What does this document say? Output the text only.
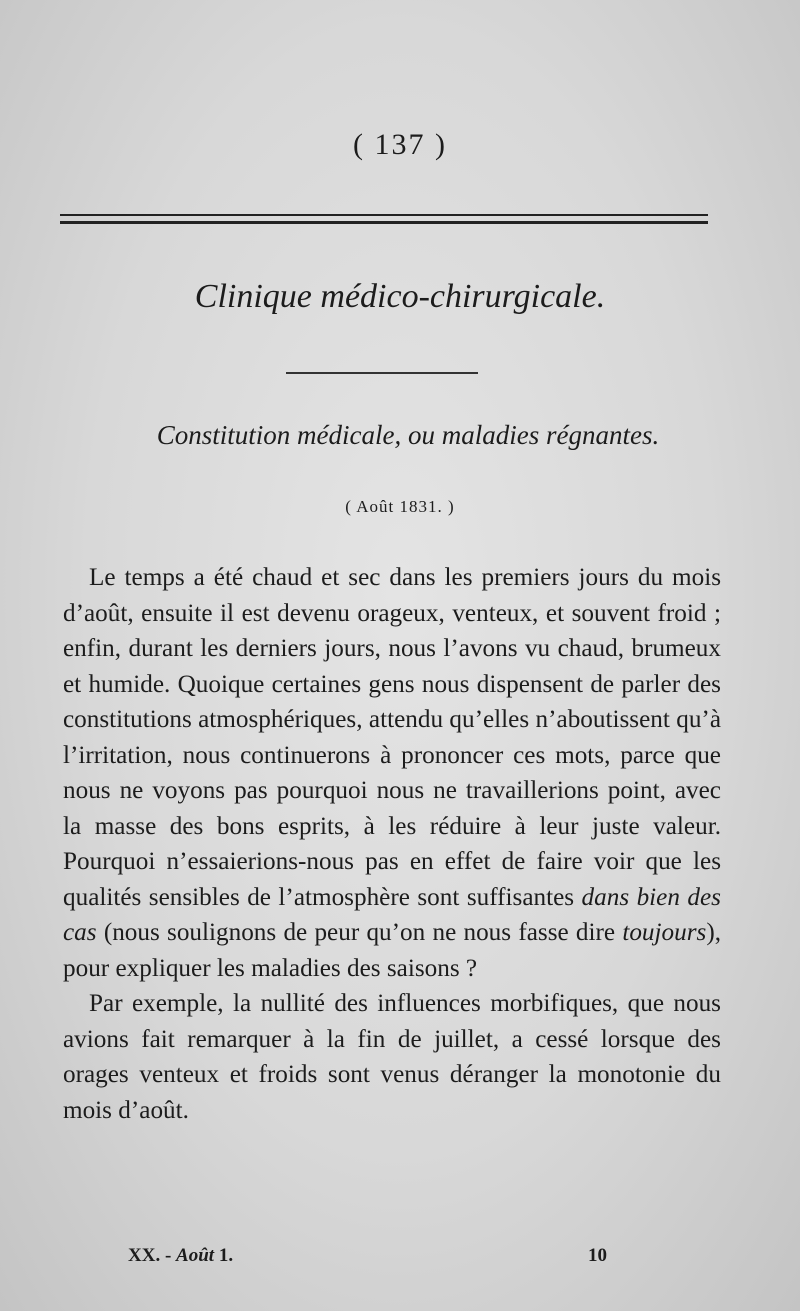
( 137 )
Clinique médico-chirurgicale.
Constitution médicale, ou maladies régnantes.
( Août 1831. )

Le temps a été chaud et sec dans les premiers jours du mois d’août, ensuite il est devenu orageux, venteux, et souvent froid ; enfin, durant les derniers jours, nous l’avons vu chaud, brumeux et humide. Quoique certaines gens nous dispensent de parler des constitutions atmosphériques, attendu qu’elles n’aboutissent qu’à l’irritation, nous continuerons à prononcer ces mots, parce que nous ne voyons pas pourquoi nous ne travaillerions point, avec la masse des bons esprits, à les réduire à leur juste valeur. Pourquoi n’essaierions-nous pas en effet de faire voir que les qualités sensibles de l’atmosphère sont suffisantes dans bien des cas (nous soulignons de peur qu’on ne nous fasse dire toujours), pour expliquer les maladies des saisons ?

Par exemple, la nullité des influences morbifiques, que nous avions fait remarquer à la fin de juillet, a cessé lorsque des orages venteux et froids sont venus déranger la monotonie du mois d’août.

XX. - Août 1.	10
